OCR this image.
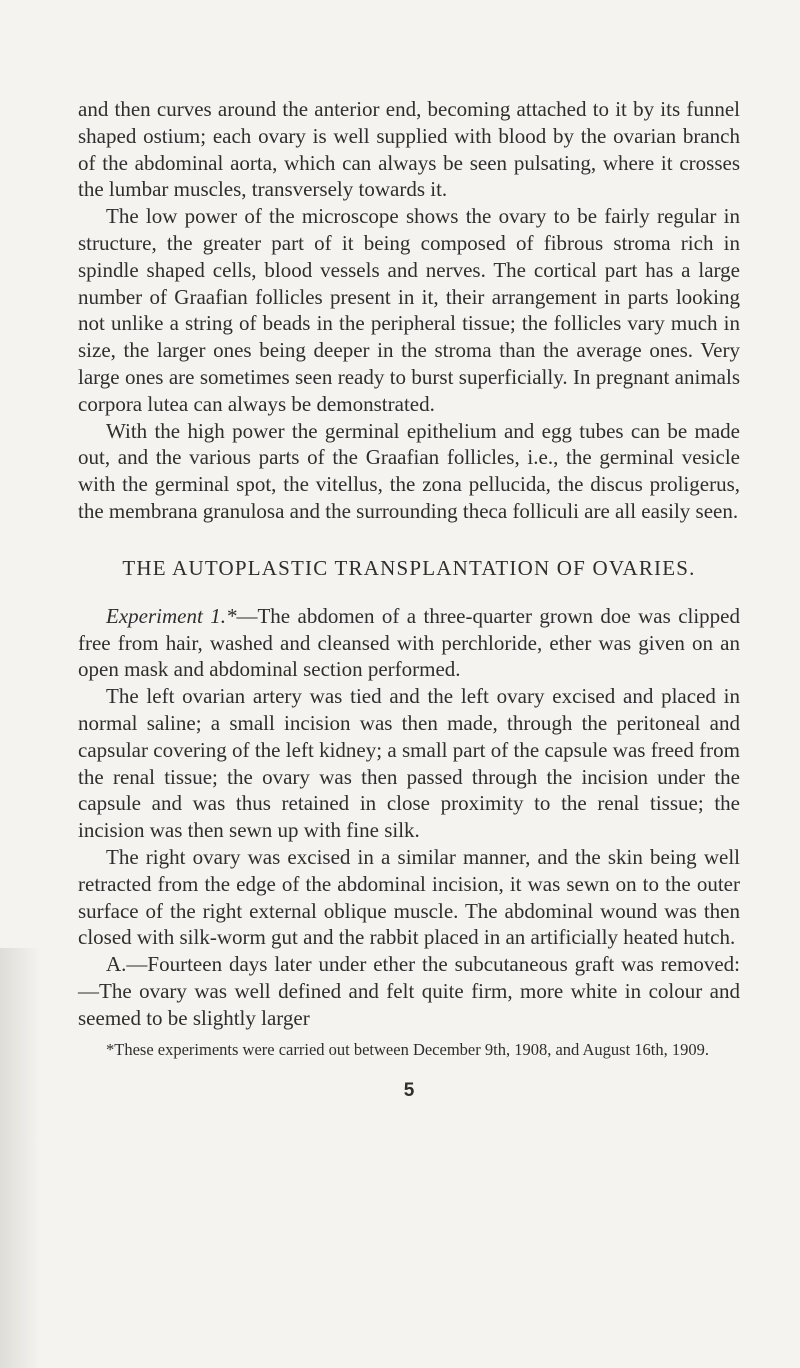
and then curves around the anterior end, becoming attached to it by its funnel shaped ostium; each ovary is well supplied with blood by the ovarian branch of the abdominal aorta, which can always be seen pulsating, where it crosses the lumbar muscles, transversely towards it.

The low power of the microscope shows the ovary to be fairly regular in structure, the greater part of it being composed of fibrous stroma rich in spindle shaped cells, blood vessels and nerves. The cortical part has a large number of Graafian follicles present in it, their arrangement in parts looking not unlike a string of beads in the peripheral tissue; the follicles vary much in size, the larger ones being deeper in the stroma than the average ones. Very large ones are sometimes seen ready to burst superficially. In pregnant animals corpora lutea can always be demonstrated.

With the high power the germinal epithelium and egg tubes can be made out, and the various parts of the Graafian follicles, i.e., the germinal vesicle with the germinal spot, the vitellus, the zona pellucida, the discus proligerus, the membrana granulosa and the surrounding theca folliculi are all easily seen.

THE AUTOPLASTIC TRANSPLANTATION OF OVARIES.

Experiment 1.*—The abdomen of a three-quarter grown doe was clipped free from hair, washed and cleansed with perchloride, ether was given on an open mask and abdominal section performed.

The left ovarian artery was tied and the left ovary excised and placed in normal saline; a small incision was then made, through the peritoneal and capsular covering of the left kidney; a small part of the capsule was freed from the renal tissue; the ovary was then passed through the incision under the capsule and was thus retained in close proximity to the renal tissue; the incision was then sewn up with fine silk.

The right ovary was excised in a similar manner, and the skin being well retracted from the edge of the abdominal incision, it was sewn on to the outer surface of the right external oblique muscle. The abdominal wound was then closed with silk-worm gut and the rabbit placed in an artificially heated hutch.

A.—Fourteen days later under ether the subcutaneous graft was removed:—The ovary was well defined and felt quite firm, more white in colour and seemed to be slightly larger

*These experiments were carried out between December 9th, 1908, and August 16th, 1909.

5
